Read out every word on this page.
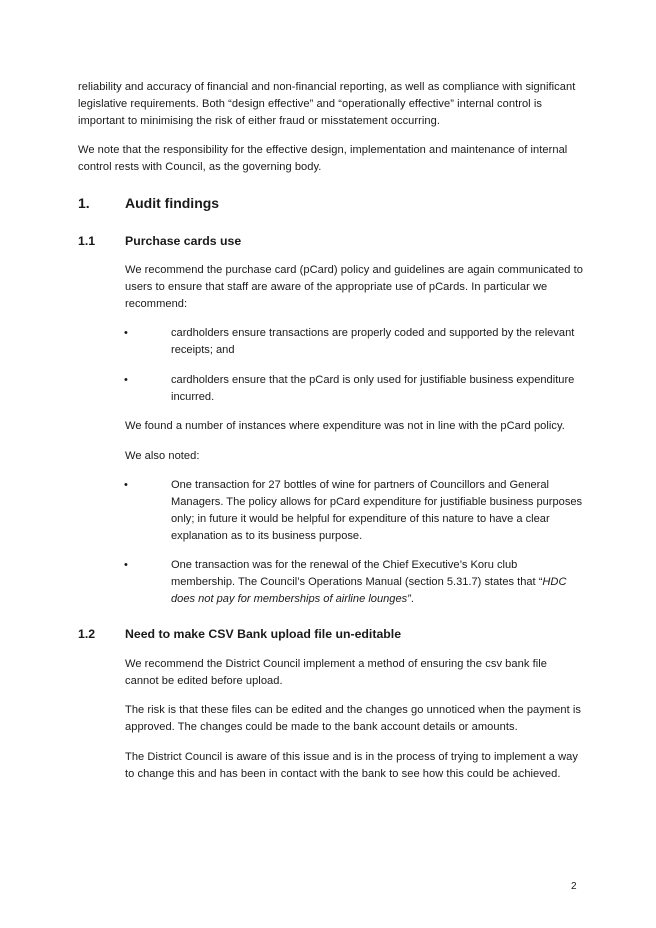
reliability and accuracy of financial and non-financial reporting, as well as compliance with significant legislative requirements. Both “design effective” and “operationally effective” internal control is important to minimising the risk of either fraud or misstatement occurring.

We note that the responsibility for the effective design, implementation and maintenance of internal control rests with Council, as the governing body.

1.	Audit findings
1.1 Purchase cards use

We recommend the purchase card (pCard) policy and guidelines are again communicated to users to ensure that staff are aware of the appropriate use of pCards. In particular we recommend:

•	cardholders ensure transactions are properly coded and supported by the relevant receipts; and

•	cardholders ensure that the pCard is only used for justifiable business expenditure incurred.

We found a number of instances where expenditure was not in line with the pCard policy.

We also noted:

•	One transaction for 27 bottles of wine for partners of Councillors and General Managers. The policy allows for pCard expenditure for justifiable business purposes only; in future it would be helpful for expenditure of this nature to have a clear explanation as to its business purpose.

•	One transaction was for the renewal of the Chief Executive’s Koru club membership. The Council’s Operations Manual (section 5.31.7) states that “HDC does not pay for memberships of airline lounges”.

1.2 Need to make CSV Bank upload file un-editable

We recommend the District Council implement a method of ensuring the csv bank file cannot be edited before upload.

The risk is that these files can be edited and the changes go unnoticed when the payment is approved. The changes could be made to the bank account details or amounts.

The District Council is aware of this issue and is in the process of trying to implement a way to change this and has been in contact with the bank to see how this could be achieved.

2
